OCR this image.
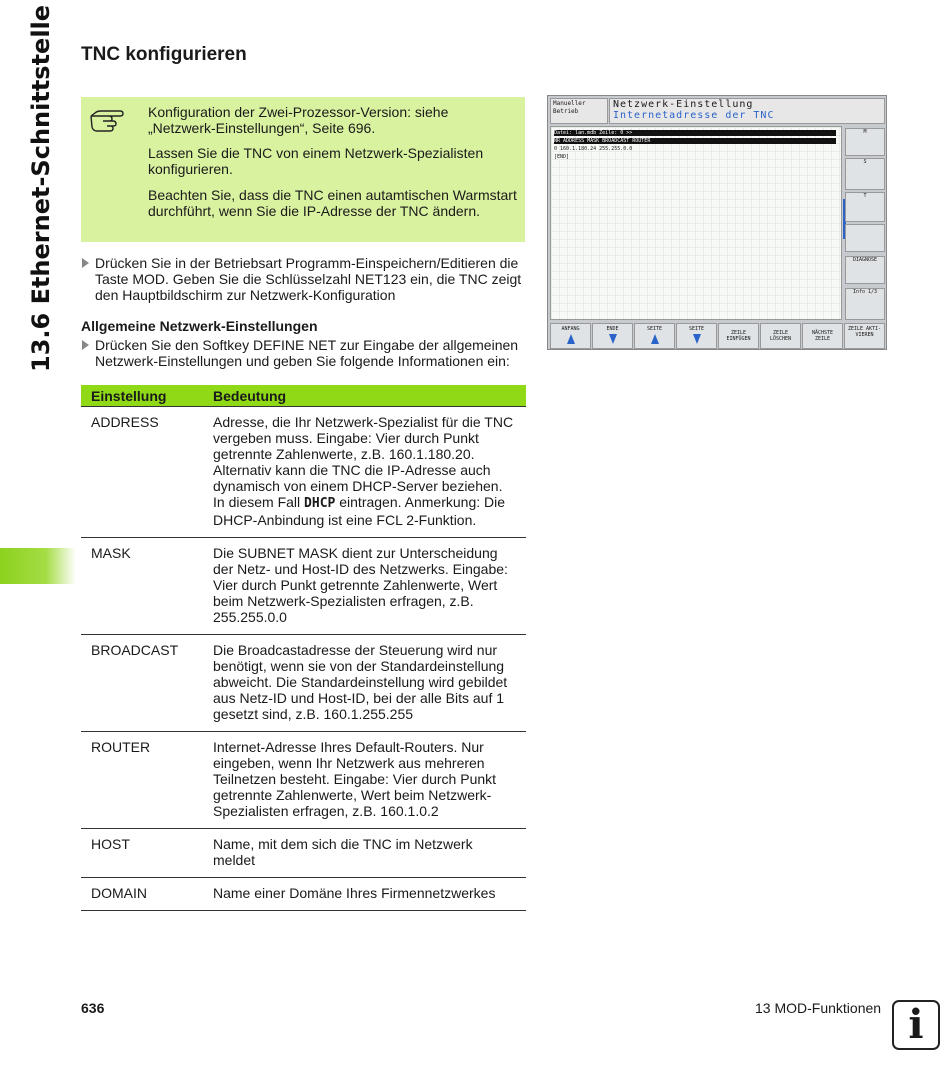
13.6 Ethernet-Schnittstelle TNC konfigurieren

Konfiguration der Zwei-Prozessor-Version: siehe „Netzwerk-Einstellungen“, Seite 696.

Lassen Sie die TNC von einem Netzwerk-Spezialisten konfigurieren.

Beachten Sie, dass die TNC einen autamtischen Warmstart durchführt, wenn Sie die IP-Adresse der TNC ändern.

Drücken Sie in der Betriebsart Programm-Einspeichern/Editieren die Taste MOD. Geben Sie die Schlüsselzahl NET123 ein, die TNC zeigt den Hauptbildschirm zur Netzwerk-Konfiguration

Allgemeine Netzwerk-Einstellungen

Drücken Sie den Softkey DEFINE NET zur Eingabe der allgemeinen Netzwerk-Einstellungen und geben Sie folgende Informationen ein:

Einstellung	Bedeutung
ADDRESS	Adresse, die Ihr Netzwerk-Spezialist für die TNC vergeben muss. Eingabe: Vier durch Punkt getrennte Zahlenwerte, z.B. 160.1.180.20. Alternativ kann die TNC die IP-Adresse auch dynamisch von einem DHCP-Server beziehen. In diesem Fall DHCP eintragen. Anmerkung: Die DHCP-Anbindung ist eine FCL 2-Funktion.
MASK	Die SUBNET MASK dient zur Unterscheidung der Netz- und Host-ID des Netzwerks. Eingabe: Vier durch Punkt getrennte Zahlenwerte, Wert beim Netzwerk-Spezialisten erfragen, z.B. 255.255.0.0
BROADCAST	Die Broadcastadresse der Steuerung wird nur benötigt, wenn sie von der Standardeinstellung abweicht. Die Standardeinstellung wird gebildet aus Netz-ID und Host-ID, bei der alle Bits auf 1 gesetzt sind, z.B. 160.1.255.255
ROUTER	Internet-Adresse Ihres Default-Routers. Nur eingeben, wenn Ihr Netzwerk aus mehreren Teilnetzen besteht. Eingabe: Vier durch Punkt getrennte Zahlenwerte, Wert beim Netzwerk-Spezialisten erfragen, z.B. 160.1.0.2
HOST	Name, mit dem sich die TNC im Netzwerk meldet
DOMAIN	Name einer Domäne Ihres Firmennetzwerkes
Manueller
Betrieb
Netzwerk-Einstellung
Internetadresse der TNC
Datei: lan.mdb Zeile: 0 >>
NR ADDRESS MASK BROADCAST ROUTER
0 160.1.180.24 255.255.0.0
[END]
M
S
T
DIAGNOSE
Info 1/3
ANFANG	ENDE	SEITE	SEITE
ZEILE EINFÜGEN
ZEILE LÖSCHEN
NÄCHSTE ZEILE
ZEILE AKTI-VIEREN
636	13 MOD-Funktionen i
